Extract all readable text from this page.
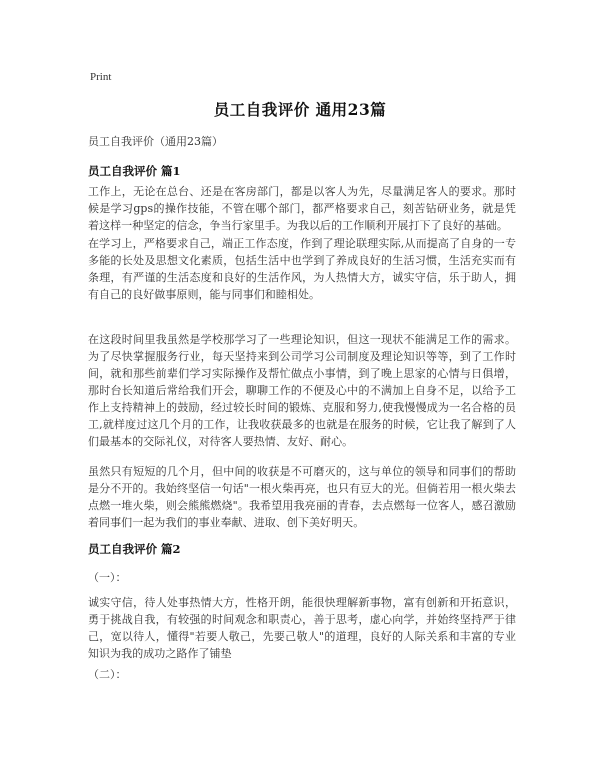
Print
员工自我评价 通用23篇
员工自我评价（通用23篇）
员工自我评价 篇1

工作上，无论在总台、还是在客房部门，都是以客人为先，尽量满足客人的要求。那时候是学习gps的操作技能，不管在哪个部门，都严格要求自己，刻苦钻研业务，就是凭着这样一种坚定的信念，争当行家里手。为我以后的工作顺利开展打下了良好的基础。

在学习上，严格要求自己，端正工作态度，作到了理论联理实际,从而提高了自身的一专多能的长处及思想文化素质，包括生活中也学到了养成良好的生活习惯，生活充实而有条理，有严谨的生活态度和良好的生活作风，为人热情大方，诚实守信，乐于助人，拥有自己的良好做事原则，能与同事们和睦相处。

在这段时间里我虽然是学校那学习了一些理论知识，但这一现状不能满足工作的需求。为了尽快掌握服务行业，每天坚持来到公司学习公司制度及理论知识等等，到了工作时间，就和那些前辈们学习实际操作及帮忙做点小事情，到了晚上思家的心情与日俱增，那时台长知道后常给我们开会，聊聊工作的不便及心中的不满加上自身不足，以给予工作上支持精神上的鼓励，经过较长时间的锻炼、克服和努力,使我慢慢成为一名合格的员工,就样度过这几个月的工作，让我收获最多的也就是在服务的时候，它让我了解到了人们最基本的交际礼仪，对待客人要热情、友好、耐心。

虽然只有短短的几个月，但中间的收获是不可磨灭的，这与单位的领导和同事们的帮助是分不开的。我始终坚信一句话"一根火柴再亮，也只有豆大的光。但倘若用一根火柴去点燃一堆火柴，则会熊熊燃烧"。我希望用我亮丽的青春，去点燃每一位客人，感召激励着同事们一起为我们的事业奉献、进取、创下美好明天。

员工自我评价 篇2
（一）：

诚实守信，待人处事热情大方，性格开朗，能很快理解新事物，富有创新和开拓意识，勇于挑战自我，有较强的时间观念和职责心，善于思考，虚心向学，并始终坚持严于律己，宽以待人，懂得"若要人敬己，先要己敬人"的道理，良好的人际关系和丰富的专业知识为我的成功之路作了铺垫

（二）：
